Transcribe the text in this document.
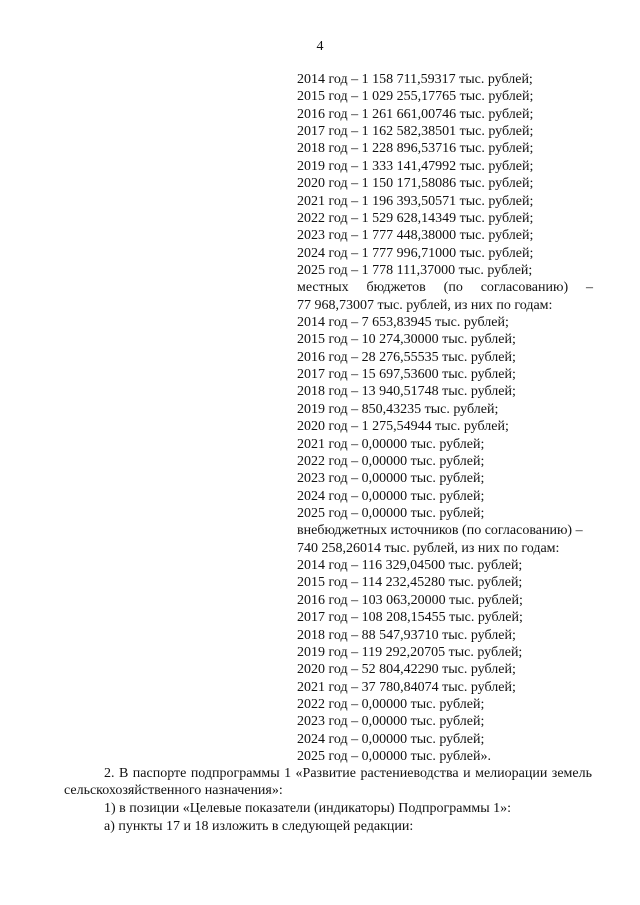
4
2014 год – 1 158 711,59317 тыс. рублей;
2015 год – 1 029 255,17765 тыс. рублей;
2016 год – 1 261 661,00746 тыс. рублей;
2017 год – 1 162 582,38501 тыс. рублей;
2018 год – 1 228 896,53716 тыс. рублей;
2019 год – 1 333 141,47992 тыс. рублей;
2020 год – 1 150 171,58086 тыс. рублей;
2021 год – 1 196 393,50571 тыс. рублей;
2022 год – 1 529 628,14349 тыс. рублей;
2023 год – 1 777 448,38000 тыс. рублей;
2024 год – 1 777 996,71000 тыс. рублей;
2025 год – 1 778 111,37000 тыс. рублей;
местных бюджетов (по согласованию) –
77 968,73007 тыс. рублей, из них по годам:
2014 год – 7 653,83945 тыс. рублей;
2015 год – 10 274,30000 тыс. рублей;
2016 год – 28 276,55535 тыс. рублей;
2017 год – 15 697,53600 тыс. рублей;
2018 год – 13 940,51748 тыс. рублей;
2019 год – 850,43235 тыс. рублей;
2020 год – 1 275,54944 тыс. рублей;
2021 год – 0,00000 тыс. рублей;
2022 год – 0,00000 тыс. рублей;
2023 год – 0,00000 тыс. рублей;
2024 год – 0,00000 тыс. рублей;
2025 год – 0,00000 тыс. рублей;
внебюджетных источников (по согласованию) –
740 258,26014 тыс. рублей, из них по годам:
2014 год – 116 329,04500 тыс. рублей;
2015 год – 114 232,45280 тыс. рублей;
2016 год – 103 063,20000 тыс. рублей;
2017 год – 108 208,15455 тыс. рублей;
2018 год – 88 547,93710 тыс. рублей;
2019 год – 119 292,20705 тыс. рублей;
2020 год – 52 804,42290 тыс. рублей;
2021 год – 37 780,84074 тыс. рублей;
2022 год – 0,00000 тыс. рублей;
2023 год – 0,00000 тыс. рублей;
2024 год – 0,00000 тыс. рублей;
2025 год – 0,00000 тыс. рублей».
2. В паспорте подпрограммы 1 «Развитие растениеводства и мелиорации земель сельскохозяйственного назначения»:
1) в позиции «Целевые показатели (индикаторы) Подпрограммы 1»:
а) пункты 17 и 18 изложить в следующей редакции:
